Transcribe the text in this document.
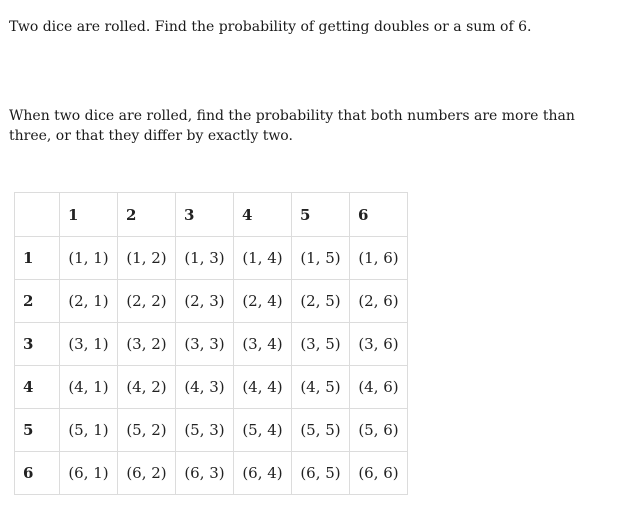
Two dice are rolled. Find the probability of getting doubles or a sum of 6.

When two dice are rolled, find the probability that both numbers are more than three, or that they differ by exactly two.

	1	2	3	4	5	6
1	(1, 1)	(1, 2)	(1, 3)	(1, 4)	(1, 5)	(1, 6)
2	(2, 1)	(2, 2)	(2, 3)	(2, 4)	(2, 5)	(2, 6)
3	(3, 1)	(3, 2)	(3, 3)	(3, 4)	(3, 5)	(3, 6)
4	(4, 1)	(4, 2)	(4, 3)	(4, 4)	(4, 5)	(4, 6)
5	(5, 1)	(5, 2)	(5, 3)	(5, 4)	(5, 5)	(5, 6)
6	(6, 1)	(6, 2)	(6, 3)	(6, 4)	(6, 5)	(6, 6)
